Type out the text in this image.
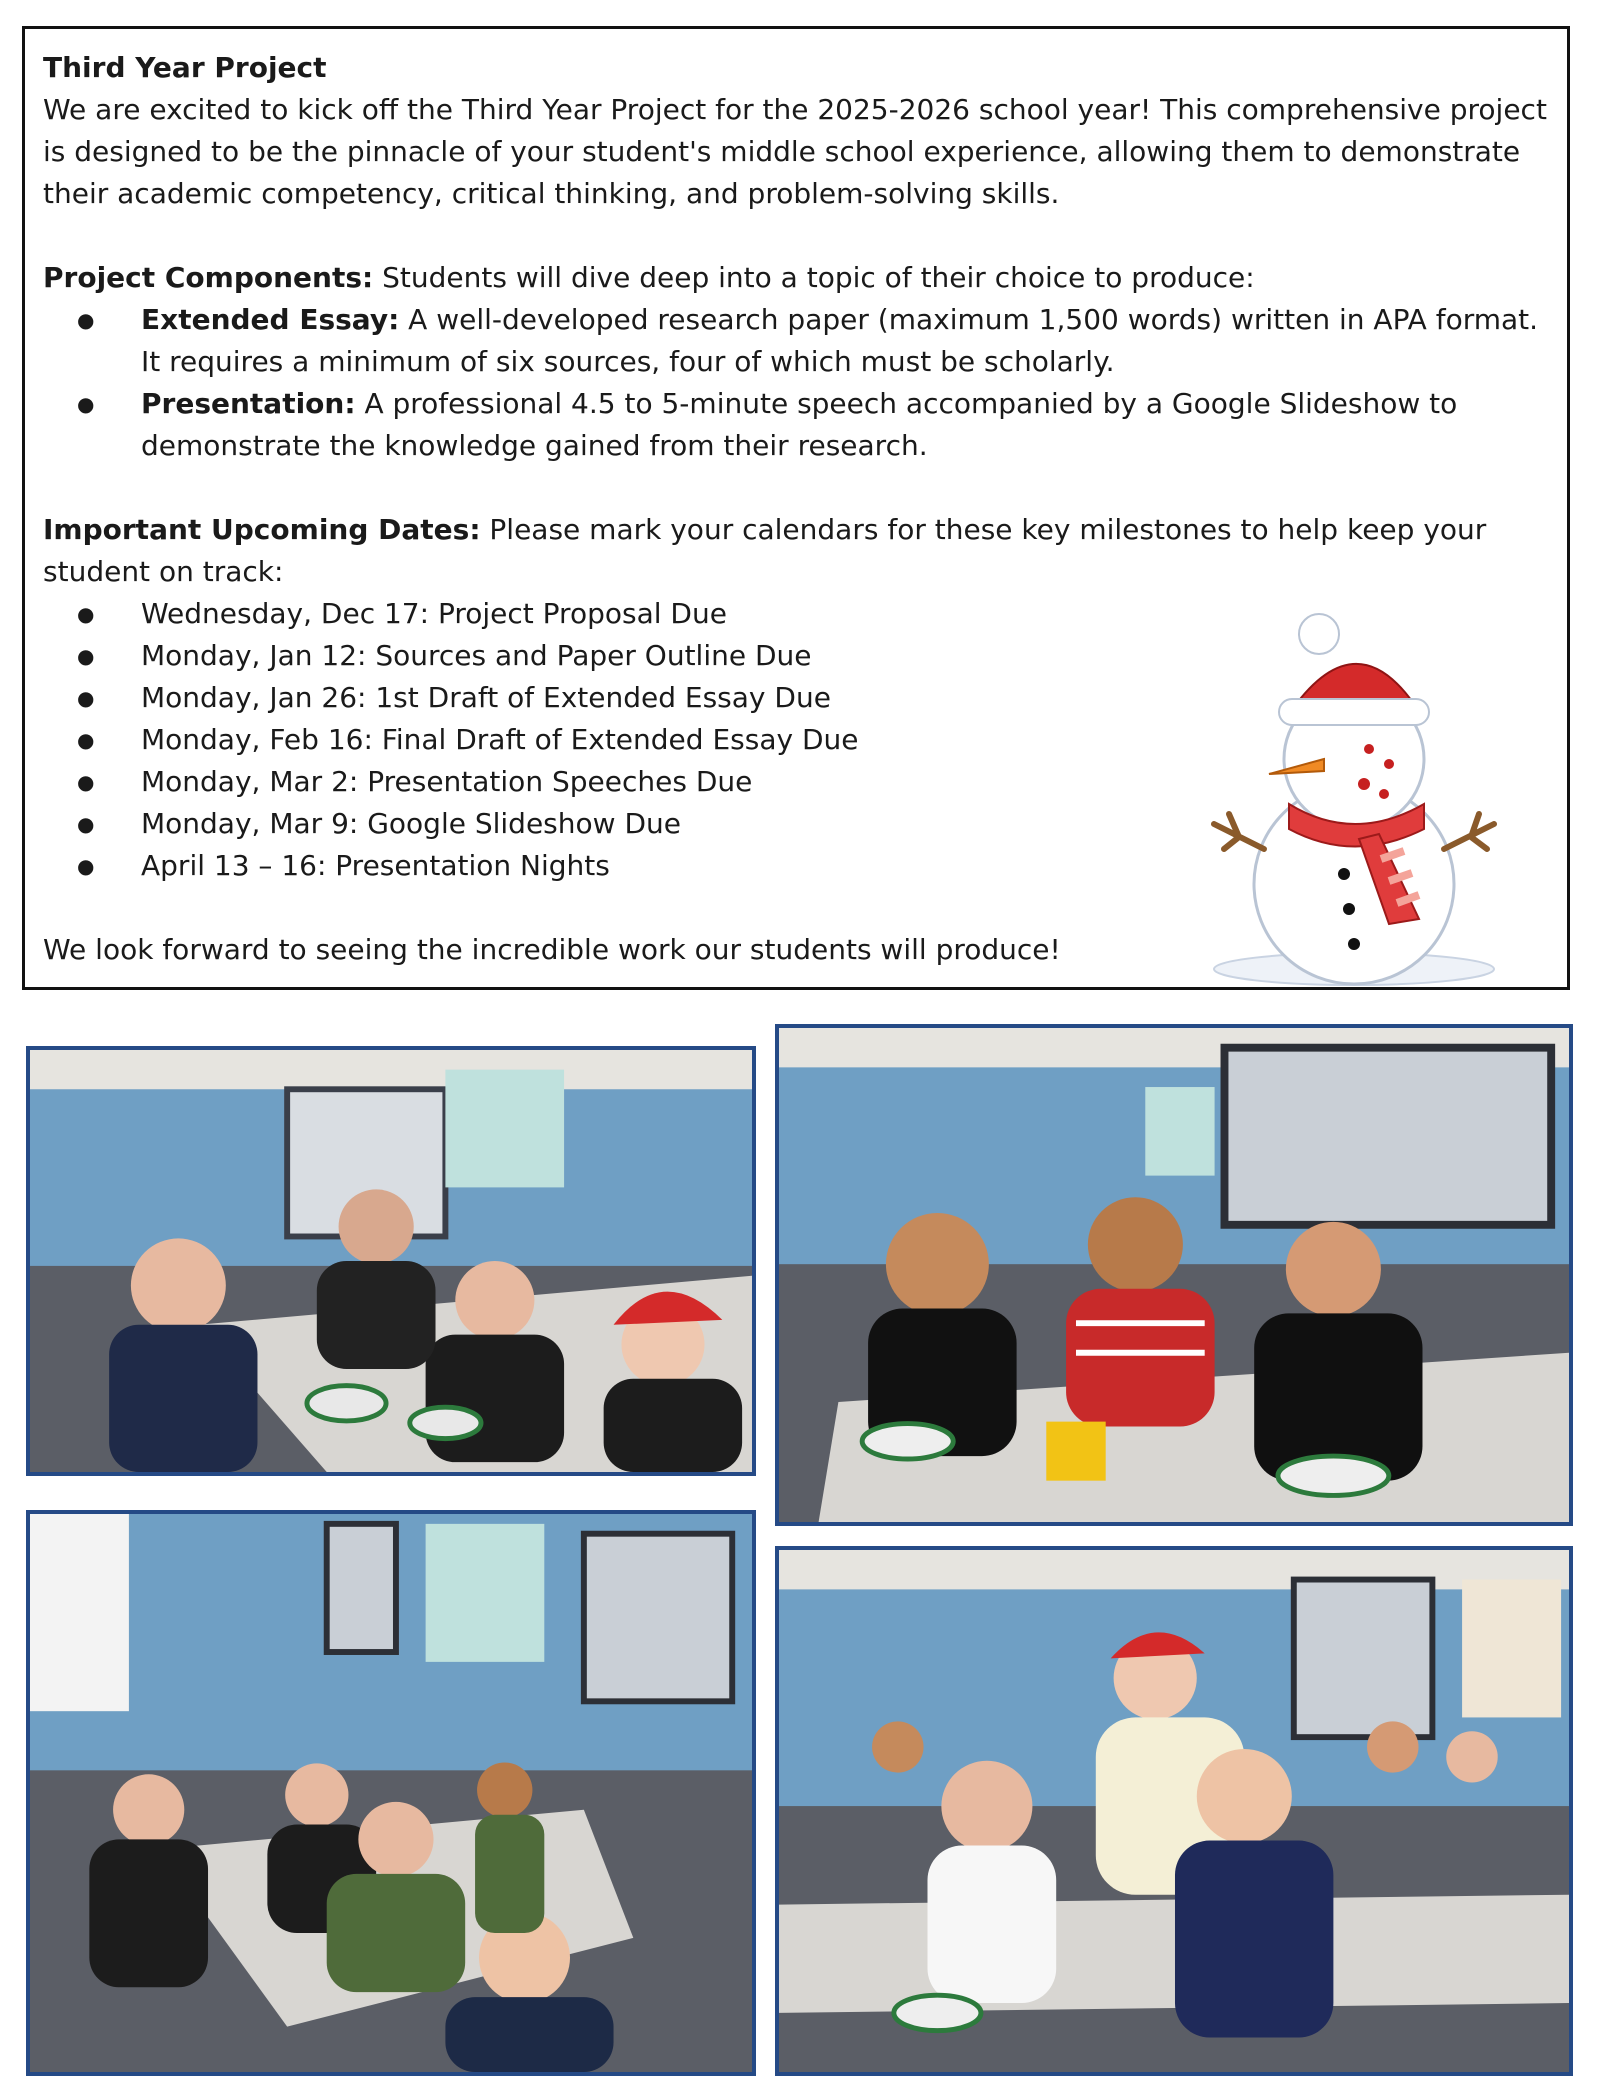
Third Year Project

We are excited to kick off the Third Year Project for the 2025-2026 school year! This comprehensive project is designed to be the pinnacle of your student's middle school experience, allowing them to demonstrate their academic competency, critical thinking, and problem-solving skills.

Project Components: Students will dive deep into a topic of their choice to produce:

● Extended Essay: A well-developed research paper (maximum 1,500 words) written in APA format. It requires a minimum of six sources, four of which must be scholarly.
● Presentation: A professional 4.5 to 5-minute speech accompanied by a Google Slideshow to demonstrate the knowledge gained from their research.

Important Upcoming Dates: Please mark your calendars for these key milestones to help keep your student on track:

● Wednesday, Dec 17: Project Proposal Due
● Monday, Jan 12: Sources and Paper Outline Due
● Monday, Jan 26: 1st Draft of Extended Essay Due
● Monday, Feb 16: Final Draft of Extended Essay Due
● Monday, Mar 2: Presentation Speeches Due
● Monday, Mar 9: Google Slideshow Due
● April 13 – 16: Presentation Nights

We look forward to seeing the incredible work our students will produce!
